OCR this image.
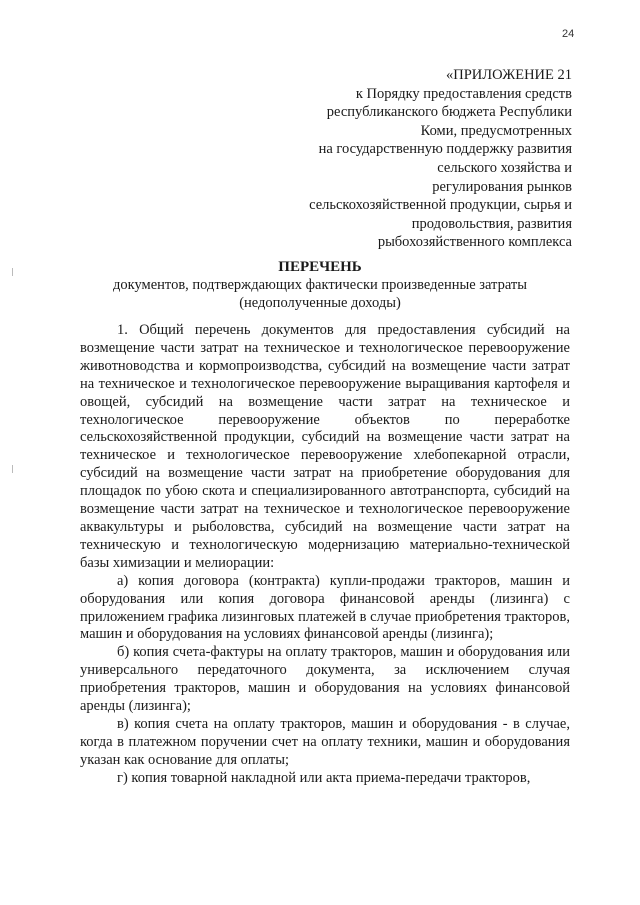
24
«ПРИЛОЖЕНИЕ 21
к Порядку предоставления средств
республиканского бюджета Республики
Коми, предусмотренных
на государственную поддержку развития
сельского хозяйства и
регулирования рынков
сельскохозяйственной продукции, сырья и
продовольствия, развития
рыбохозяйственного комплекса
ПЕРЕЧЕНЬ
документов, подтверждающих фактически произведенные затраты
(недополученные доходы)

1. Общий перечень документов для предоставления субсидий на возмещение части затрат на техническое и технологическое перевооружение животноводства и кормопроизводства, субсидий на возмещение части затрат на техническое и технологическое перевооружение выращивания картофеля и овощей, субсидий на возмещение части затрат на техническое и технологическое перевооружение объектов по переработке сельскохозяйственной продукции, субсидий на возмещение части затрат на техническое и технологическое перевооружение хлебопекарной отрасли, субсидий на возмещение части затрат на приобретение оборудования для площадок по убою скота и специализированного автотранспорта, субсидий на возмещение части затрат на техническое и технологическое перевооружение аквакультуры и рыболовства, субсидий на возмещение части затрат на техническую и технологическую модернизацию материально-технической базы химизации и мелиорации:

а) копия договора (контракта) купли-продажи тракторов, машин и оборудования или копия договора финансовой аренды (лизинга) с приложением графика лизинговых платежей в случае приобретения тракторов, машин и оборудования на условиях финансовой аренды (лизинга);

б) копия счета-фактуры на оплату тракторов, машин и оборудования или универсального передаточного документа, за исключением случая приобретения тракторов, машин и оборудования на условиях финансовой аренды (лизинга);

в) копия счета на оплату тракторов, машин и оборудования - в случае, когда в платежном поручении счет на оплату техники, машин и оборудования указан как основание для оплаты;

г) копия товарной накладной или акта приема-передачи тракторов,
